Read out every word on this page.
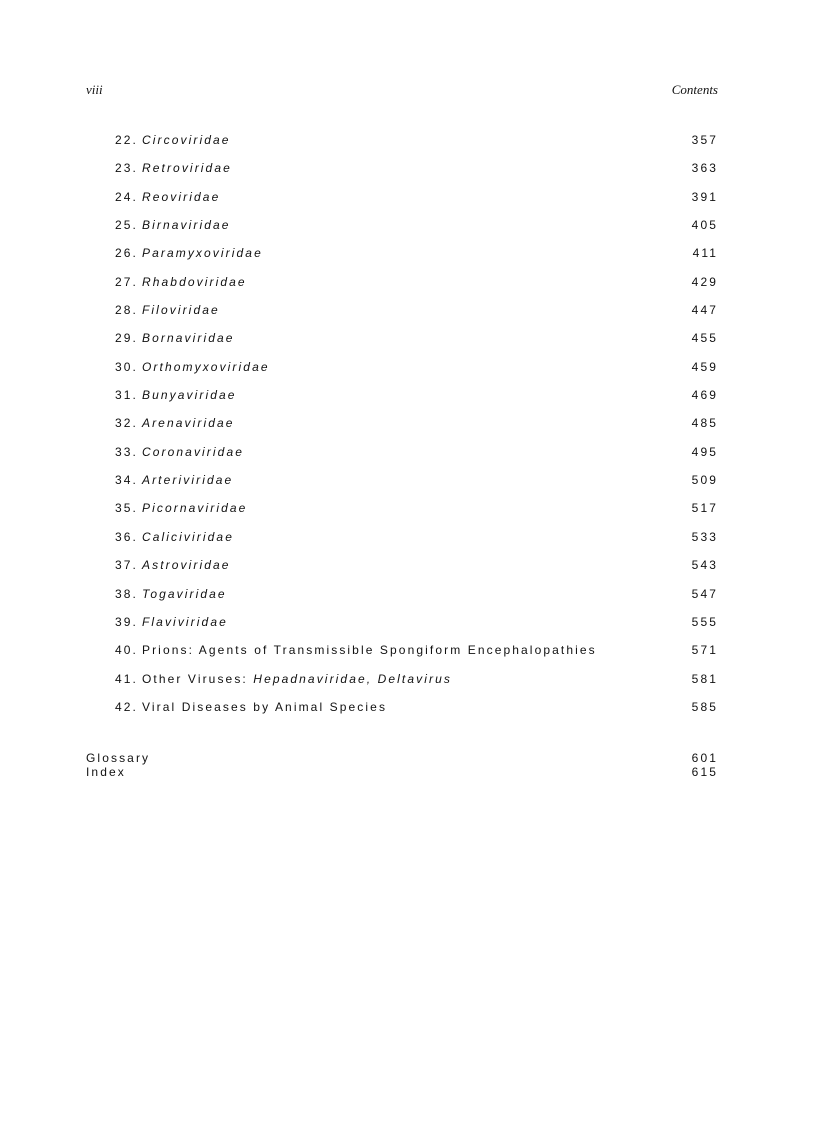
viii	Contents
22. Circoviridae	357
23. Retroviridae	363
24. Reoviridae	391
25. Birnaviridae	405
26. Paramyxoviridae	411
27. Rhabdoviridae	429
28. Filoviridae	447
29. Bornaviridae	455
30. Orthomyxoviridae	459
31. Bunyaviridae	469
32. Arenaviridae	485
33. Coronaviridae	495
34. Arteriviridae	509
35. Picornaviridae	517
36. Caliciviridae	533
37. Astroviridae	543
38. Togaviridae	547
39. Flaviviridae	555
40. Prions: Agents of Transmissible Spongiform Encephalopathies	571
41. Other Viruses: Hepadnaviridae, Deltavirus	581
42. Viral Diseases by Animal Species	585
Glossary	601
Index	615
